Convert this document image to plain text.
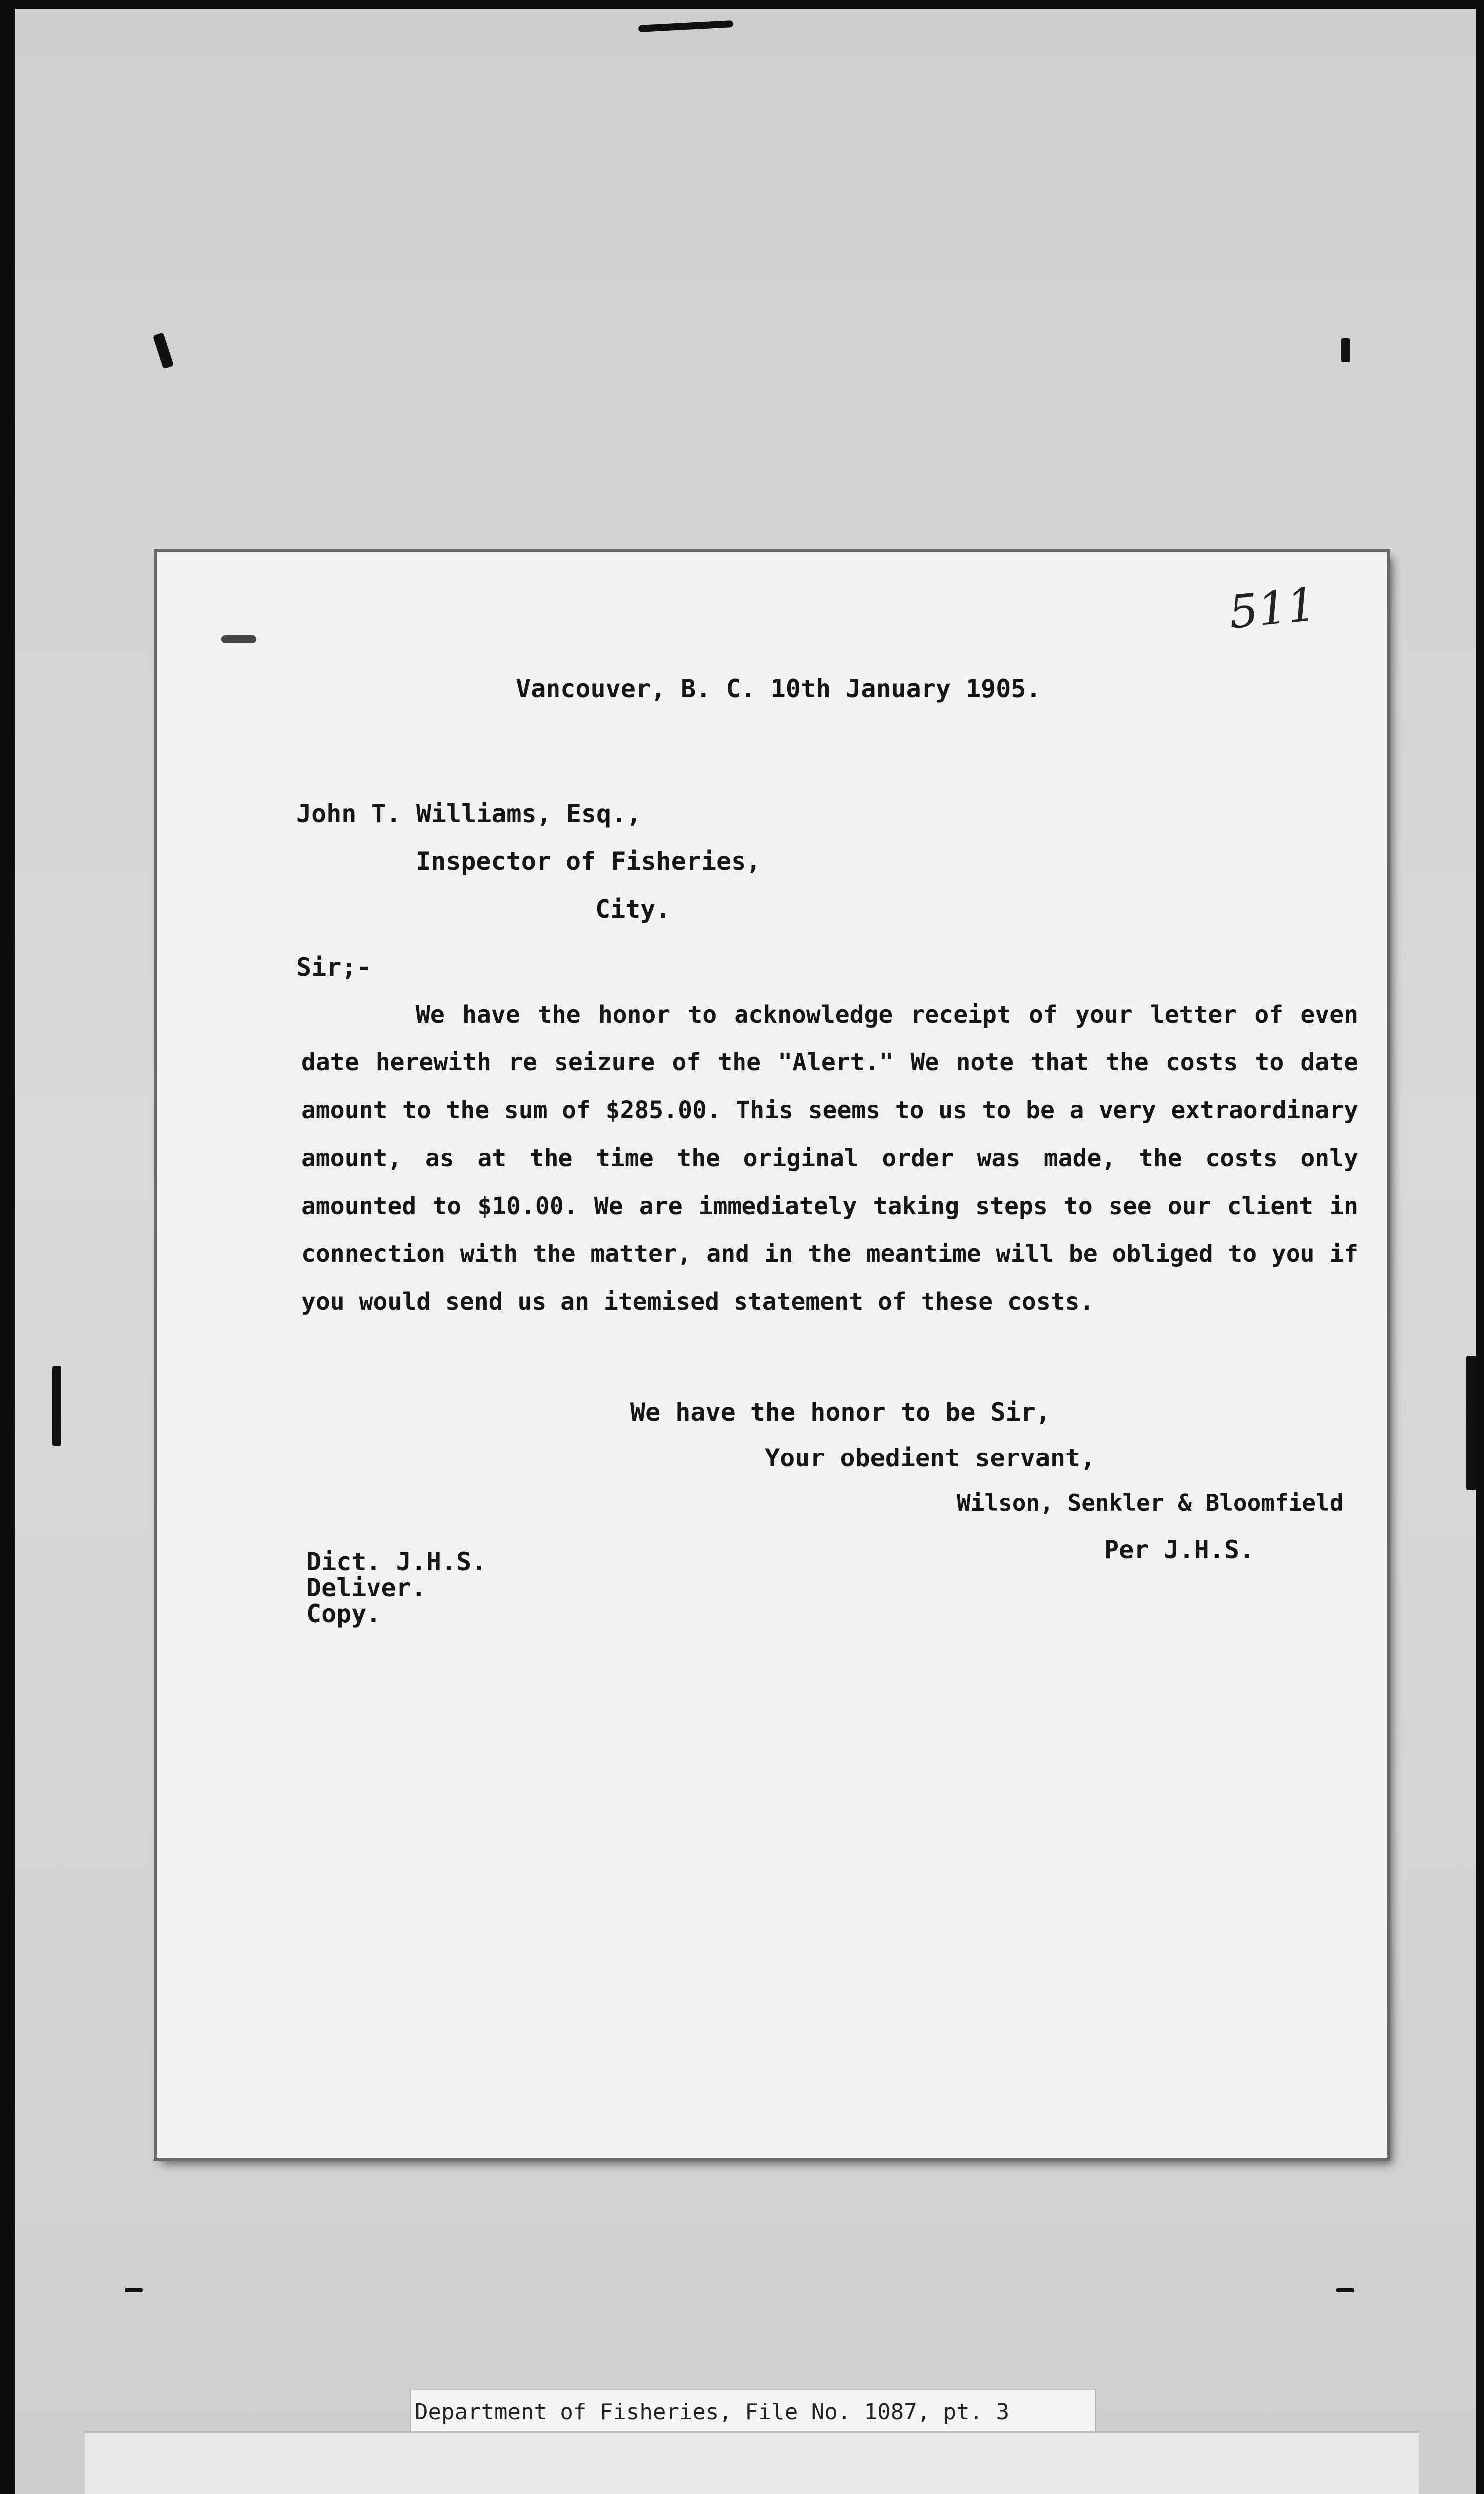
511
Vancouver, B. C. 10th January 1905.
John T. Williams, Esq.,
Inspector of Fisheries,
City.
Sir;-
We have the honor to acknowledge receipt of your letter of even date herewith re seizure of the "Alert." We note that the costs to date amount to the sum of $285.00. This seems to us to be a very extraordinary amount, as at the time the original order was made, the costs only amounted to $10.00. We are immediately taking steps to see our client in connection with the matter, and in the meantime will be obliged to you if you would send us an itemised statement of these costs.
We have the honor to be Sir,
Your obedient servant,
Wilson, Senkler & Bloomfield
Per J.H.S.
Dict. J.H.S.
Deliver.
Copy.
Department of Fisheries, File No. 1087, pt. 3
